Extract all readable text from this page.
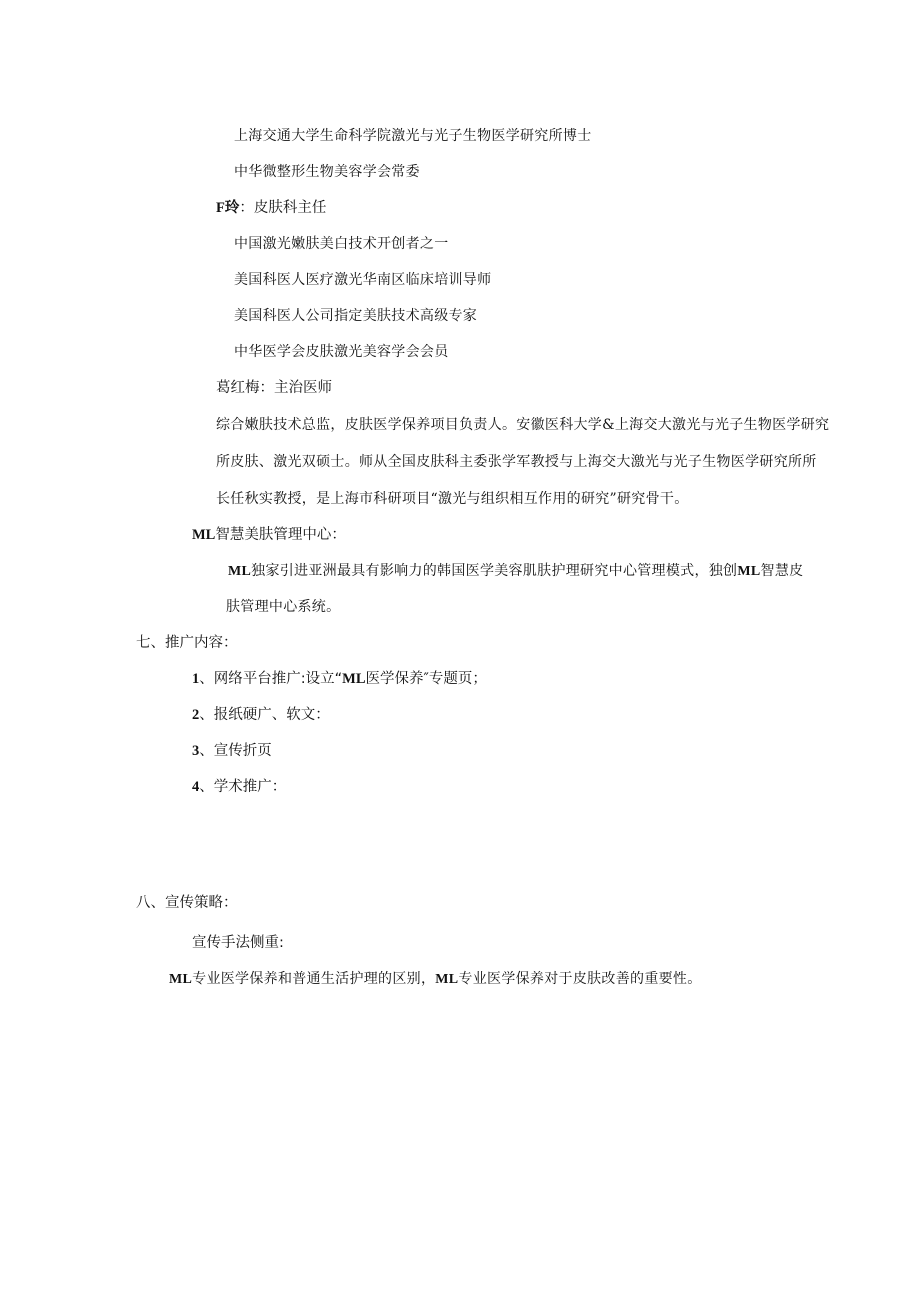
上海交通大学生命科学院激光与光子生物医学研究所博士
中华微整形生物美容学会常委
F玲：皮肤科主任
中国激光嫩肤美白技术开创者之一
美国科医人医疗激光华南区临床培训导师
美国科医人公司指定美肤技术高级专家
中华医学会皮肤激光美容学会会员
葛红梅：主治医师
综合嫩肤技术总监，皮肤医学保养项目负责人。安徽医科大学&上海交大激光与光子生物医学研究
所皮肤、激光双硕士。师从全国皮肤科主委张学军教授与上海交大激光与光子生物医学研究所所
长任秋实教授，是上海市科研项目“激光与组织相互作用的研究”研究骨干。
ML智慧美肤管理中心：
ML独家引进亚洲最具有影响力的韩国医学美容肌肤护理研究中心管理模式，独创ML智慧皮
肤管理中心系统。
七、推广内容：
1、网络平台推广:设立“ML医学保养″专题页；
2、报纸硬广、软文：
3、宣传折页
4、学术推广：
八、宣传策略：
宣传手法侧重:
ML专业医学保养和普通生活护理的区别，ML专业医学保养对于皮肤改善的重要性。
